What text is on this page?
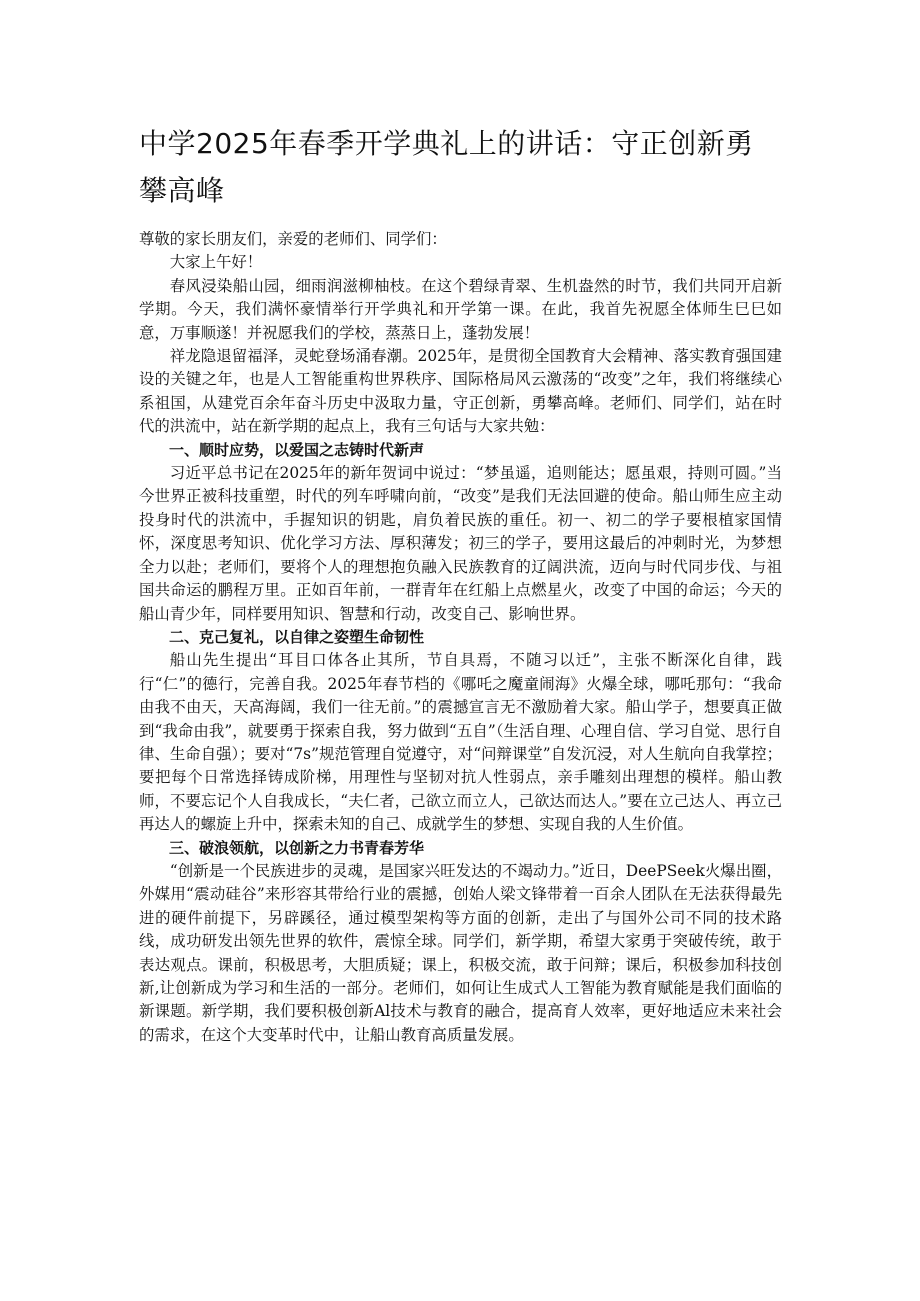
中学2025年春季开学典礼上的讲话：守正创新勇攀高峰

尊敬的家长朋友们，亲爱的老师们、同学们：

大家上午好！

春风浸染船山园，细雨润滋柳柚枝。在这个碧绿青翠、生机盎然的时节，我们共同开启新学期。今天，我们满怀豪情举行开学典礼和开学第一课。在此，我首先祝愿全体师生巳巳如意，万事顺遂！并祝愿我们的学校，蒸蒸日上，蓬勃发展！

祥龙隐退留福泽，灵蛇登场涌春潮。2025年，是贯彻全国教育大会精神、落实教育强国建设的关键之年，也是人工智能重构世界秩序、国际格局风云激荡的“改变”之年，我们将继续心系祖国，从建党百余年奋斗历史中汲取力量，守正创新，勇攀高峰。老师们、同学们，站在时代的洪流中，站在新学期的起点上，我有三句话与大家共勉：

一、顺时应势，以爱国之志铸时代新声

习近平总书记在2025年的新年贺词中说过：“梦虽遥，追则能达；愿虽艰，持则可圆。”当今世界正被科技重塑，时代的列车呼啸向前，“改变”是我们无法回避的使命。船山师生应主动投身时代的洪流中，手握知识的钥匙，肩负着民族的重任。初一、初二的学子要根植家国情怀，深度思考知识、优化学习方法、厚积薄发；初三的学子，要用这最后的冲刺时光，为梦想全力以赴；老师们，要将个人的理想抱负融入民族教育的辽阔洪流，迈向与时代同步伐、与祖国共命运的鹏程万里。正如百年前，一群青年在红船上点燃星火，改变了中国的命运；今天的船山青少年，同样要用知识、智慧和行动，改变自己、影响世界。

二、克己复礼，以自律之姿塑生命韧性

船山先生提出“耳目口体各止其所，节自具焉，不随习以迁”，主张不断深化自律，践行“仁”的德行，完善自我。2025年春节档的《哪吒之魔童闹海》火爆全球，哪吒那句：“我命由我不由天，天高海阔，我们一往无前。”的震撼宣言无不激励着大家。船山学子，想要真正做到“我命由我”，就要勇于探索自我，努力做到“五自”（生活自理、心理自信、学习自觉、思行自律、生命自强）；要对“7s”规范管理自觉遵守，对“问辩课堂”自发沉浸，对人生航向自我掌控；要把每个日常选择铸成阶梯，用理性与坚韧对抗人性弱点，亲手雕刻出理想的模样。船山教师，不要忘记个人自我成长，“夫仁者，己欲立而立人，己欲达而达人。”要在立己达人、再立己再达人的螺旋上升中，探索未知的自己、成就学生的梦想、实现自我的人生价值。

三、破浪领航，以创新之力书青春芳华

“创新是一个民族进步的灵魂，是国家兴旺发达的不竭动力。”近日，DeePSeek火爆出圈，外媒用“震动硅谷”来形容其带给行业的震撼，创始人梁文锋带着一百余人团队在无法获得最先进的硬件前提下，另辟蹊径，通过模型架构等方面的创新，走出了与国外公司不同的技术路线，成功研发出领先世界的软件，震惊全球。同学们，新学期，希望大家勇于突破传统，敢于表达观点。课前，积极思考，大胆质疑；课上，积极交流，敢于问辩；课后，积极参加科技创新,让创新成为学习和生活的一部分。老师们，如何让生成式人工智能为教育赋能是我们面临的新课题。新学期，我们要积极创新Al技术与教育的融合，提高育人效率，更好地适应未来社会的需求，在这个大变革时代中，让船山教育高质量发展。
